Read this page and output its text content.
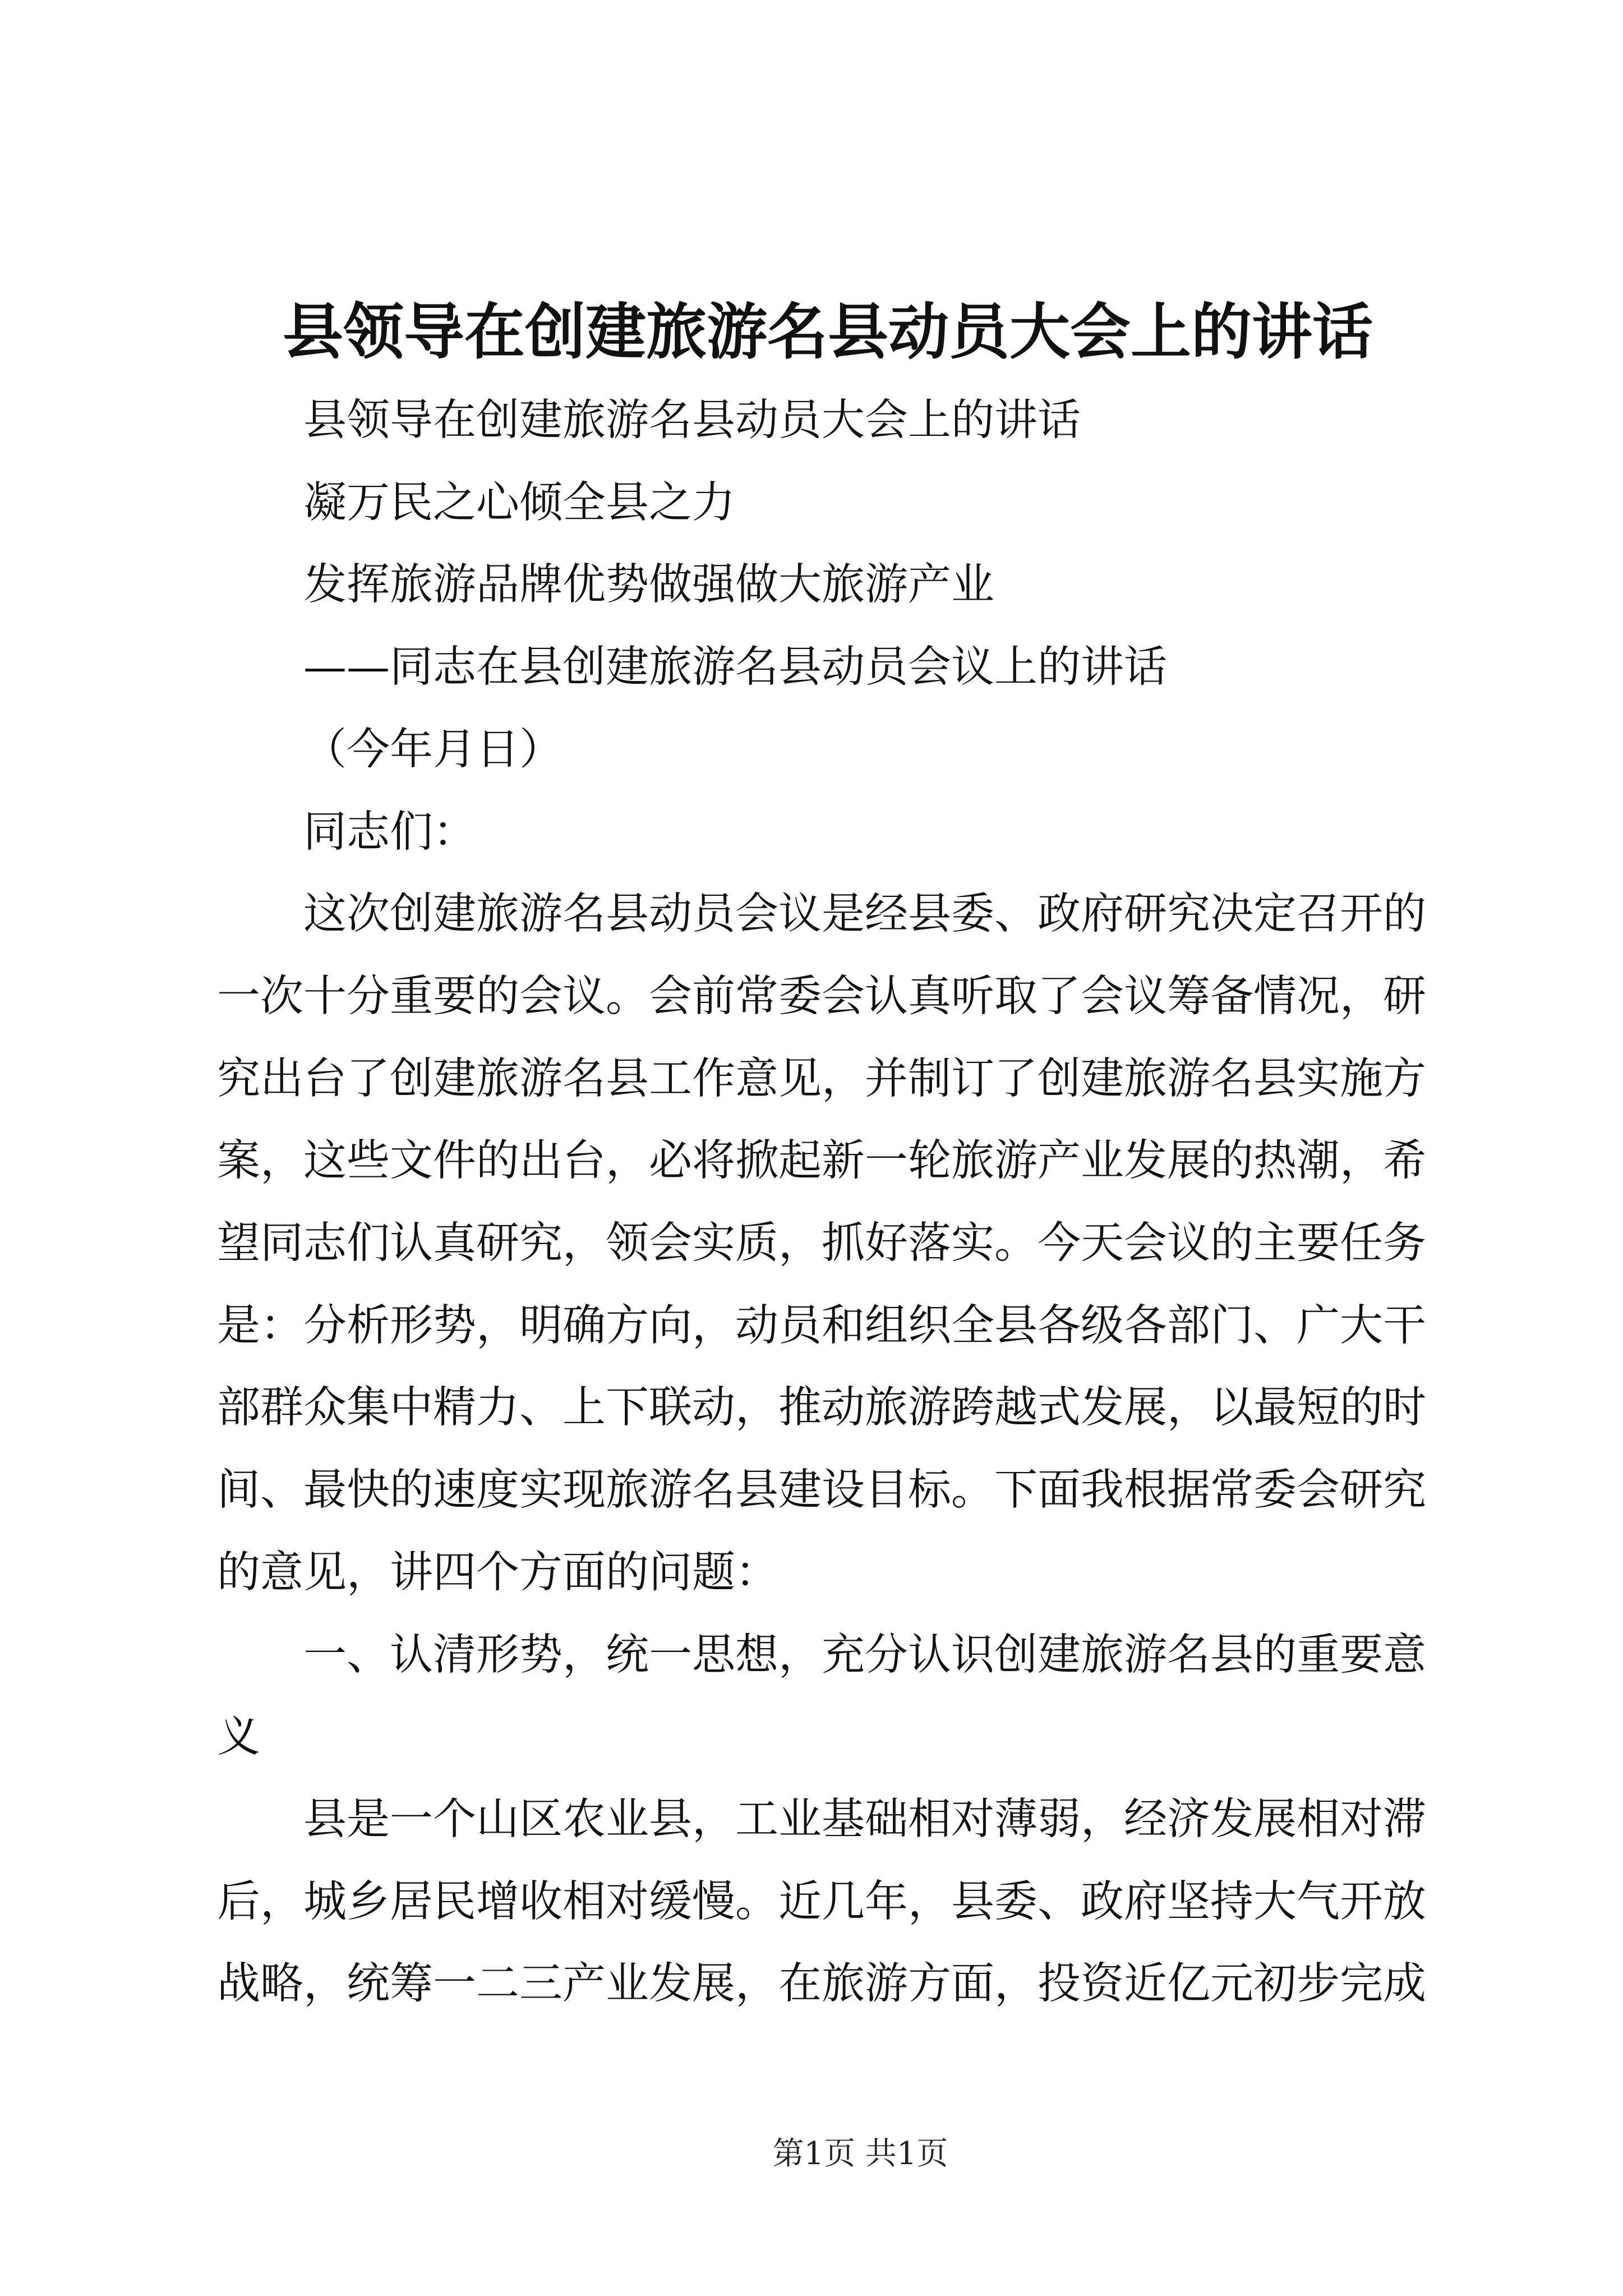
县领导在创建旅游名县动员大会上的讲话

县领导在创建旅游名县动员大会上的讲话

凝万民之心倾全县之力

发挥旅游品牌优势做强做大旅游产业

——同志在县创建旅游名县动员会议上的讲话

（今年月日）

同志们：

这次创建旅游名县动员会议是经县委、政府研究决定召开的一次十分重要的会议。会前常委会认真听取了会议筹备情况，研究出台了创建旅游名县工作意见，并制订了创建旅游名县实施方案，这些文件的出台，必将掀起新一轮旅游产业发展的热潮，希望同志们认真研究，领会实质，抓好落实。今天会议的主要任务是：分析形势，明确方向，动员和组织全县各级各部门、广大干部群众集中精力、上下联动，推动旅游跨越式发展，以最短的时间、最快的速度实现旅游名县建设目标。下面我根据常委会研究的意见，讲四个方面的问题：

一、认清形势，统一思想，充分认识创建旅游名县的重要意义

县是一个山区农业县，工业基础相对薄弱，经济发展相对滞后，城乡居民增收相对缓慢。近几年，县委、政府坚持大气开放战略，统筹一二三产业发展，在旅游方面，投资近亿元初步完成

第1页 共1页
